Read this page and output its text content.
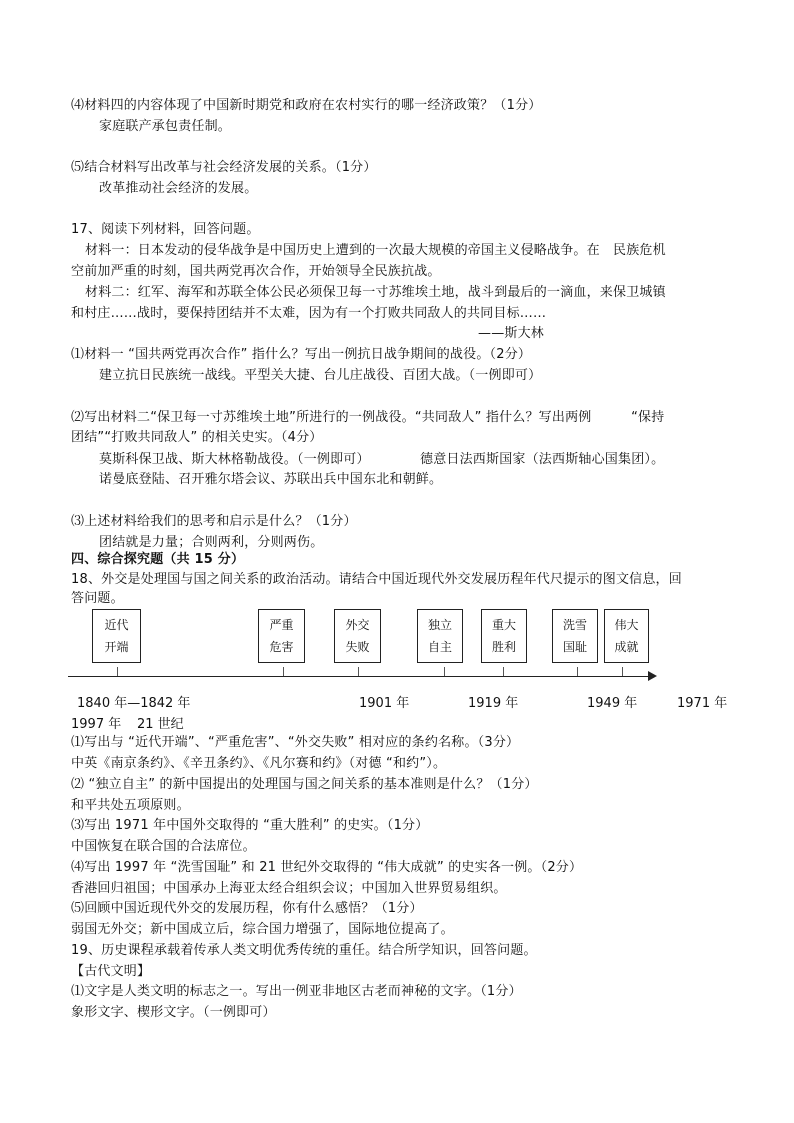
⑷材料四的内容体现了中国新时期党和政府在农村实行的哪一经济政策？（1分）
家庭联产承包责任制。
⑸结合材料写出改革与社会经济发展的关系。（1分）
改革推动社会经济的发展。
17、阅读下列材料，回答问题。
材料一：日本发动的侵华战争是中国历史上遭到的一次最大规模的帝国主义侵略战争。在　民族危机
空前加严重的时刻，国共两党再次合作，开始领导全民族抗战。
材料二：红军、海军和苏联全体公民必须保卫每一寸苏维埃土地，战斗到最后的一滴血，来保卫城镇
和村庄……战时，要保持团结并不太难，因为有一个打败共同敌人的共同目标……
——斯大林
⑴材料一 “国共两党再次合作” 指什么？写出一例抗日战争期间的战役。（2分）
建立抗日民族统一战线。平型关大捷、台儿庄战役、百团大战。（一例即可）
⑵写出材料二“保卫每一寸苏维埃土地”所进行的一例战役。“共同敌人” 指什么？写出两例　　　“保持
团结”“打败共同敌人” 的相关史实。（4分）
莫斯科保卫战、斯大林格勒战役。（一例即可）	德意日法西斯国家（法西斯轴心国集团）。
诺曼底登陆、召开雅尔塔会议、苏联出兵中国东北和朝鲜。
⑶上述材料给我们的思考和启示是什么？（1分）
团结就是力量；合则两利，分则两伤。
四、综合探究题（共 15 分）
18、外交是处理国与国之间关系的政治活动。请结合中国近现代外交发展历程年代尺提示的图文信息，回
答问题。
近代
开端
严重
危害
外交
失败
独立
自主
重大
胜利
洗雪
国耻
伟大
成就
1840 年—1842 年	1901 年	1919 年	1949 年	1971 年
1997 年 21 世纪
⑴写出与 “近代开端”、“严重危害”、“外交失败” 相对应的条约名称。（3分）
中英《南京条约》、《辛丑条约》、《凡尔赛和约》（对德 “和约”）。
⑵ “独立自主” 的新中国提出的处理国与国之间关系的基本准则是什么？（1分）
和平共处五项原则。
⑶写出 1971 年中国外交取得的 “重大胜利” 的史实。（1分）
中国恢复在联合国的合法席位。
⑷写出 1997 年 “洗雪国耻” 和 21 世纪外交取得的 “伟大成就” 的史实各一例。（2分）
香港回归祖国；中国承办上海亚太经合组织会议；中国加入世界贸易组织。
⑸回顾中国近现代外交的发展历程，你有什么感悟？（1分）
弱国无外交；新中国成立后，综合国力增强了，国际地位提高了。
19、历史课程承载着传承人类文明优秀传统的重任。结合所学知识，回答问题。
【古代文明】
⑴文字是人类文明的标志之一。写出一例亚非地区古老而神秘的文字。（1分）
象形文字、楔形文字。（一例即可）
